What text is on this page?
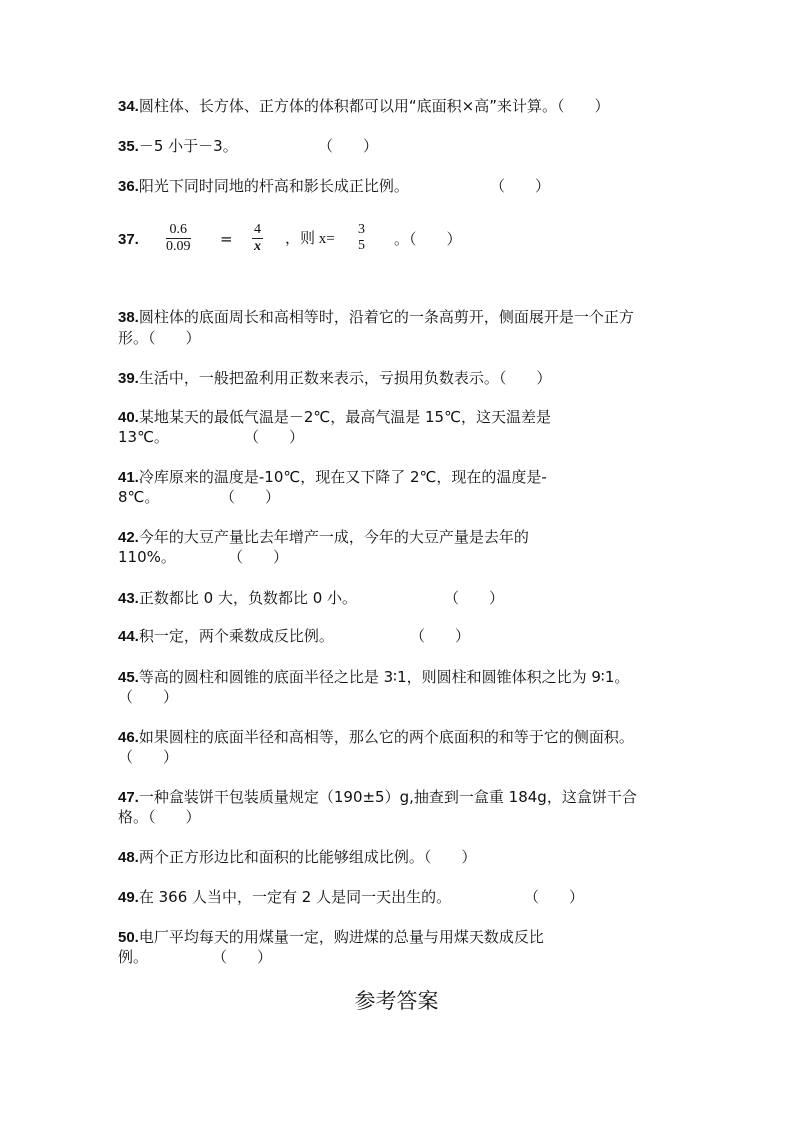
34.圆柱体、长方体、正方体的体积都可以用“底面积×高”来计算。（　　）
35.－5 小于－3。	（　　）
36.阳光下同时同地的杆高和影长成正比例。	（　　）
37. $\frac{0.6}{0.09} = \frac{4}{x}$ ，则 x=
3
5 。（　　）
38.圆柱体的底面周长和高相等时，沿着它的一条高剪开，侧面展开是一个正方
形。（　　）
39.生活中，一般把盈利用正数来表示，亏损用负数表示。（　　）
40.某地某天的最低气温是－2℃，最高气温是 15℃，这天温差是
13℃。	（　　）
41.冷库原来的温度是-10℃，现在又下降了 2℃，现在的温度是-
8℃。	（　　）
42.今年的大豆产量比去年增产一成，今年的大豆产量是去年的
110%。	（　　）
43.正数都比 0 大，负数都比 0 小。	（　　）
44.积一定，两个乘数成反比例。	（　　）
45.等高的圆柱和圆锥的底面半径之比是 3∶1，则圆柱和圆锥体积之比为 9∶1。
（　　）
46.如果圆柱的底面半径和高相等，那么它的两个底面积的和等于它的侧面积。
（　　）
47.一种盒装饼干包装质量规定（190±5）g,抽查到一盒重 184g，这盒饼干合
格。（　　）
48.两个正方形边比和面积的比能够组成比例。（　　）
49.在 366 人当中，一定有 2 人是同一天出生的。	（　　）
50.电厂平均每天的用煤量一定，购进煤的总量与用煤天数成反比
例。	（　　）
参考答案
